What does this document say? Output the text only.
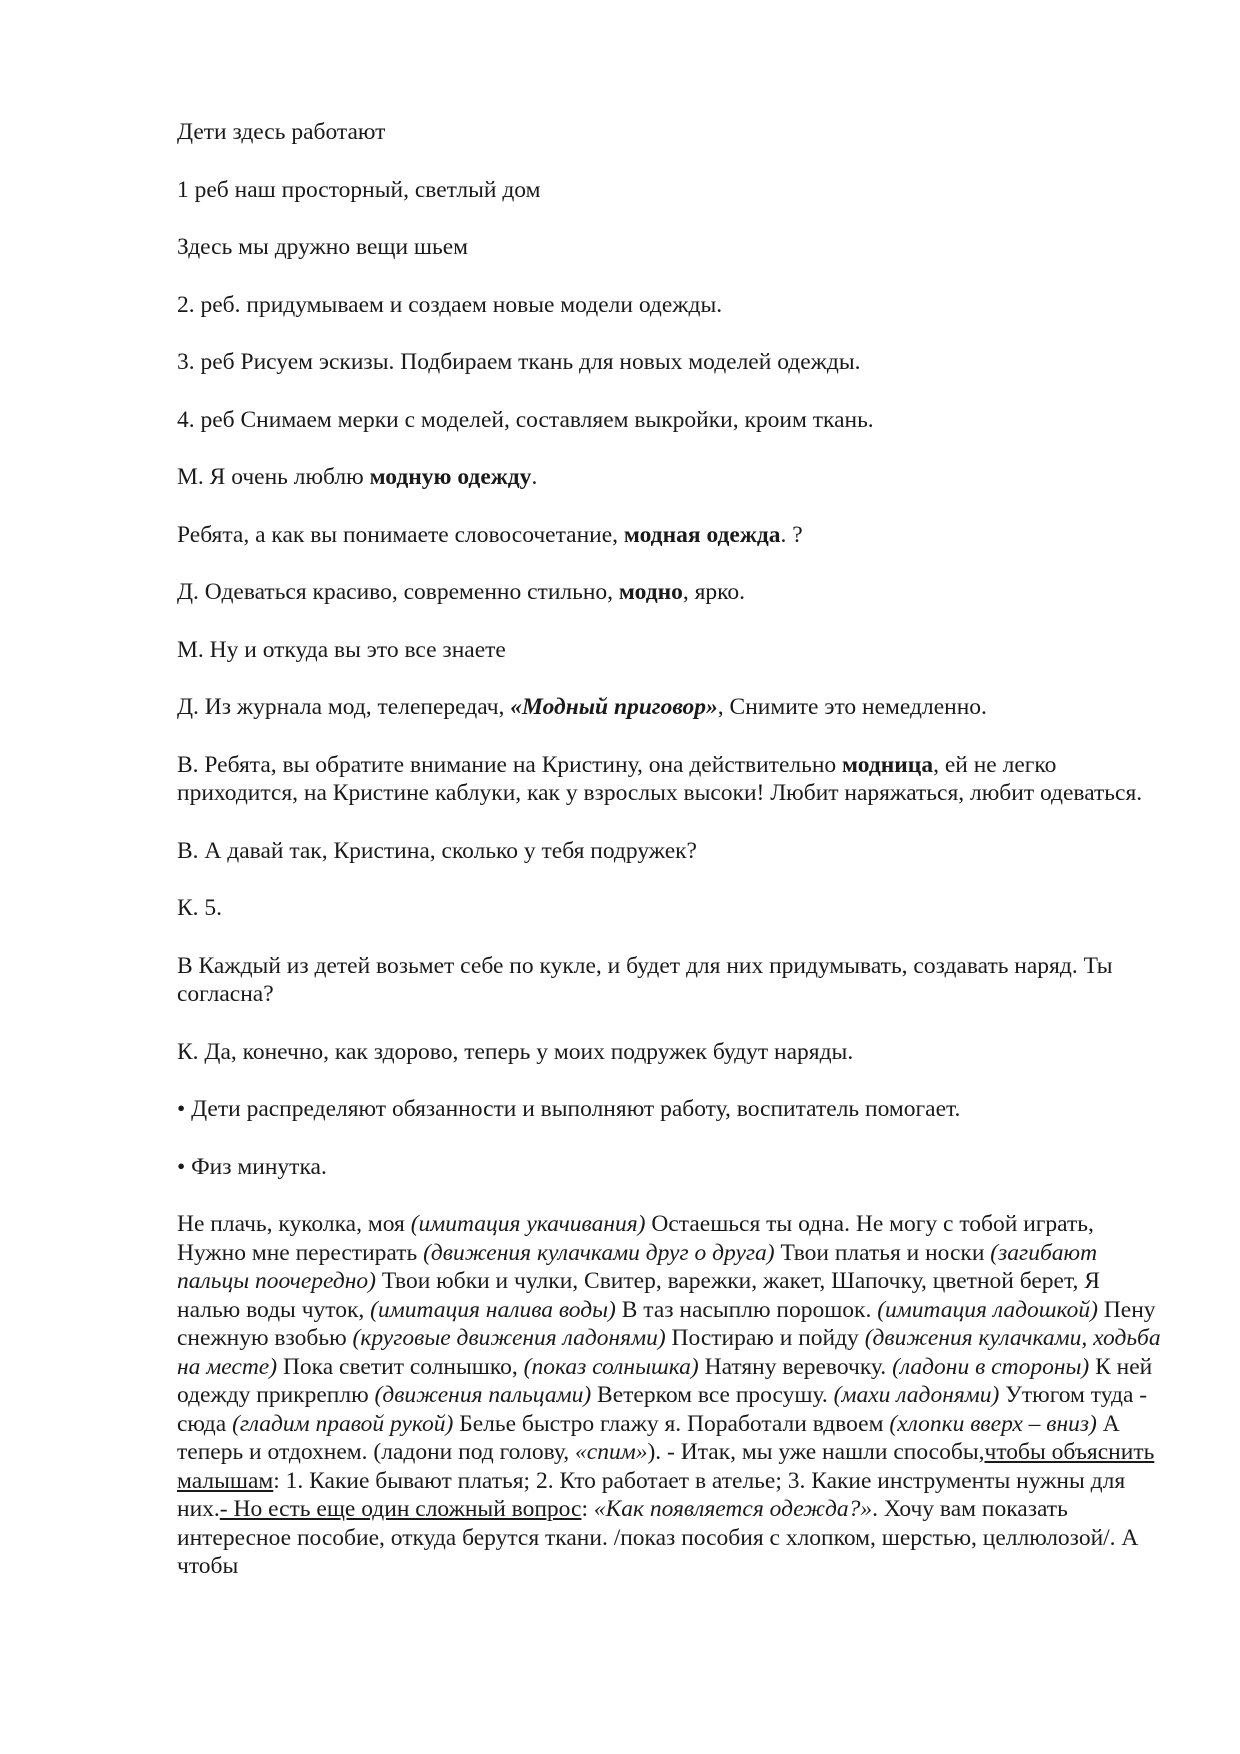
Дети здесь работают

1 реб наш просторный, светлый дом

Здесь мы дружно вещи шьем

2. реб. придумываем и создаем новые модели одежды.

3. реб Рисуем эскизы. Подбираем ткань для новых моделей одежды.

4. реб Снимаем мерки с моделей, составляем выкройки, кроим ткань.

М. Я очень люблю модную одежду.

Ребята, а как вы понимаете словосочетание, модная одежда. ?

Д. Одеваться красиво, современно стильно, модно, ярко.

М. Ну и откуда вы это все знаете

Д. Из журнала мод, телепередач, «Модный приговор», Снимите это немедленно.

В. Ребята, вы обратите внимание на Кристину, она действительно модница, ей не легко приходится, на Кристине каблуки, как у взрослых высоки! Любит наряжаться, любит одеваться.

В. А давай так, Кристина, сколько у тебя подружек?

К. 5.

В Каждый из детей возьмет себе по кукле, и будет для них придумывать, создавать наряд. Ты согласна?

К. Да, конечно, как здорово, теперь у моих подружек будут наряды.

• Дети распределяют обязанности и выполняют работу, воспитатель помогает.

• Физ минутка.

Не плачь, куколка, моя (имитация укачивания) Остаешься ты одна. Не могу с тобой играть, Нужно мне перестирать (движения кулачками друг о друга) Твои платья и носки (загибают пальцы поочередно) Твои юбки и чулки, Свитер, варежки, жакет, Шапочку, цветной берет, Я налью воды чуток, (имитация налива воды) В таз насыплю порошок. (имитация ладошкой) Пену снежную взобью (круговые движения ладонями) Постираю и пойду (движения кулачками, ходьба на месте) Пока светит солнышко, (показ солнышка) Натяну веревочку. (ладони в стороны) К ней одежду прикреплю (движения пальцами) Ветерком все просушу. (махи ладонями) Утюгом туда - сюда (гладим правой рукой) Белье быстро глажу я. Поработали вдвоем (хлопки вверх – вниз) А теперь и отдохнем. (ладони под голову, «спим»). - Итак, мы уже нашли способы,чтобы объяснить малышам: 1. Какие бывают платья; 2. Кто работает в ателье; 3. Какие инструменты нужны для них.- Но есть еще один сложный вопрос: «Как появляется одежда?». Хочу вам показать интересное пособие, откуда берутся ткани. /показ пособия с хлопком, шерстью, целлюлозой/. А чтобы
